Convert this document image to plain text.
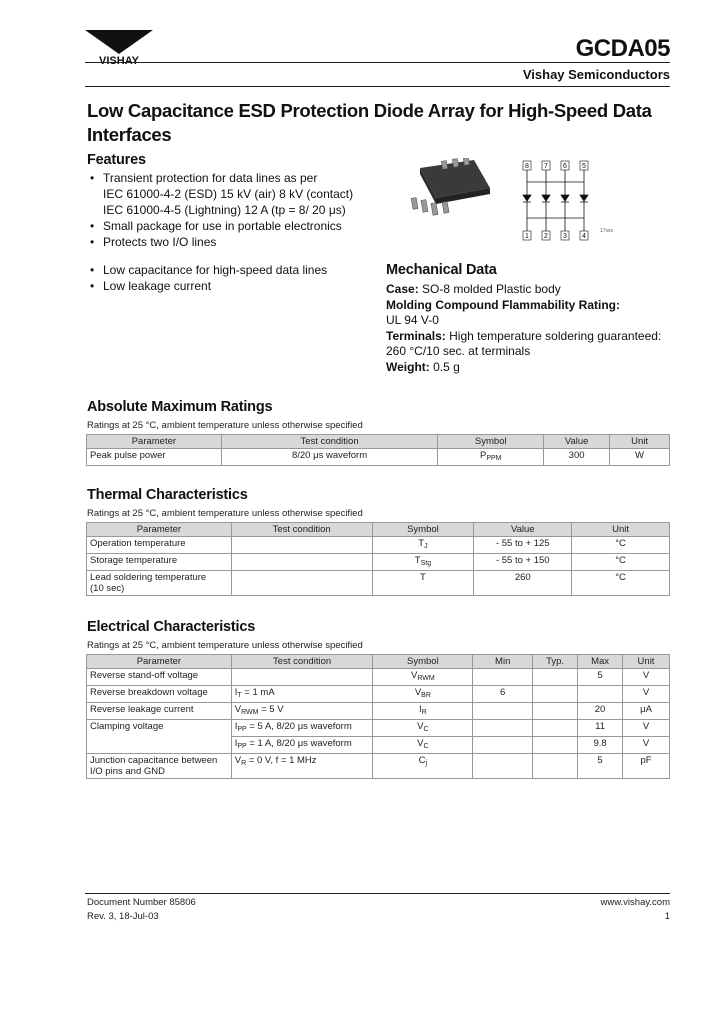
VISHAY	GCDA05
Vishay Semiconductors
Low Capacitance ESD Protection Diode Array for High-Speed Data Interfaces
Features
• Transient protection for data lines as per
IEC 61000-4-2 (ESD) 15 kV (air) 8 kV (contact)
IEC 61000-4-5 (Lightning) 12 A (tp = 8/ 20 μs)
• Small package for use in portable electronics
• Protects two I/O lines
• Low capacitance for high-speed data lines
• Low leakage current
8 7 6 5
1 2 3 4
17xxx
Mechanical Data

Case: SO-8 molded Plastic body

Molding Compound Flammability Rating:

UL 94 V-0

Terminals: High temperature soldering guaranteed: 260 °C/10 sec. at terminals

Weight: 0.5 g

Absolute Maximum Ratings
Ratings at 25 °C, ambient temperature unless otherwise specified
Parameter	Test condition	Symbol	Value	Unit
Peak pulse power	8/20 μs waveform	$P_{PPM}$	300	W
Thermal Characteristics
Ratings at 25 °C, ambient temperature unless otherwise specified
Parameter	Test condition	Symbol	Value	Unit
Operation temperature		$T_J$	- 55 to + 125	°C
Storage temperature		$T_{Stg}$	- 55 to + 150	°C

Lead soldering temperature
(10 sec)		T	260	°C
Electrical Characteristics
Ratings at 25 °C, ambient temperature unless otherwise specified
Parameter	Test condition	Symbol	Min	Typ.	Max	Unit
Reverse stand-off voltage		$V_{RWM}$			5	V
Reverse breakdown voltage	$I_T = 1$ mA	$V_{BR}$	6			V
Reverse leakage current	$V_{RWM} = 5$ V	$I_R$			20	μA
Clamping voltage	$I_{PP} = 5$ A, 8/20 μs waveform	$V_C$			11	V
	$I_{PP} = 1$ A, 8/20 μs waveform	$V_C$			9.8	V

Junction capacitance between
I/O pins and GND	$V_R = 0$ V, f = 1 MHz	$C_j$			5	pF
Document Number 85806
Rev. 3, 18-Jul-03
www.vishay.com
1
